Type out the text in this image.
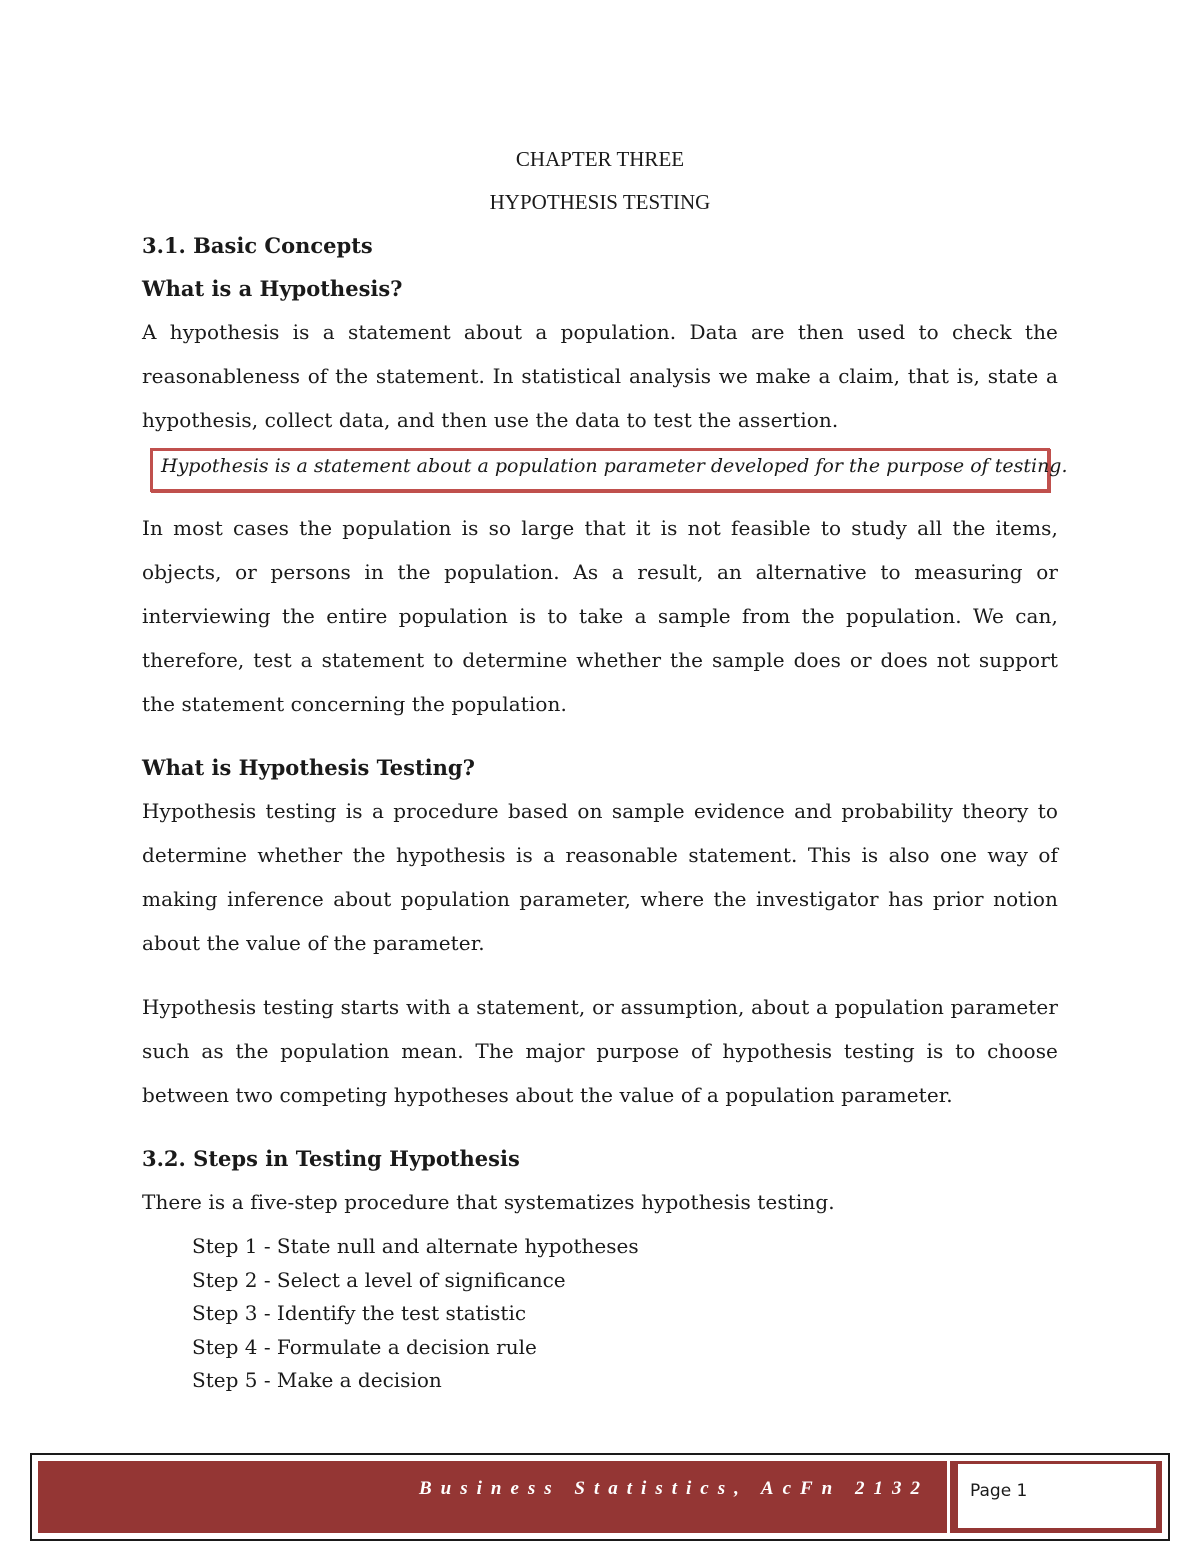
CHAPTER THREE

HYPOTHESIS TESTING

3.1. Basic Concepts

What is a Hypothesis?

A hypothesis is a statement about a population. Data are then used to check the reasonableness of the statement. In statistical analysis we make a claim, that is, state a hypothesis, collect data, and then use the data to test the assertion.

Hypothesis is a statement about a population parameter developed for the purpose of testing.

In most cases the population is so large that it is not feasible to study all the items, objects, or persons in the population. As a result, an alternative to measuring or interviewing the entire population is to take a sample from the population. We can, therefore, test a statement to determine whether the sample does or does not support the statement concerning the population.

What is Hypothesis Testing?

Hypothesis testing is a procedure based on sample evidence and probability theory to determine whether the hypothesis is a reasonable statement. This is also one way of making inference about population parameter, where the investigator has prior notion about the value of the parameter.

Hypothesis testing starts with a statement, or assumption, about a population parameter such as the population mean. The major purpose of hypothesis testing is to choose between two competing hypotheses about the value of a population parameter.

3.2. Steps in Testing Hypothesis

There is a five-step procedure that systematizes hypothesis testing.

Step 1 - State null and alternate hypotheses
Step 2 - Select a level of significance
Step 3 - Identify the test statistic
Step 4 - Formulate a decision rule
Step 5 - Make a decision
Business Statistics, AcFn 2132 Page 1
